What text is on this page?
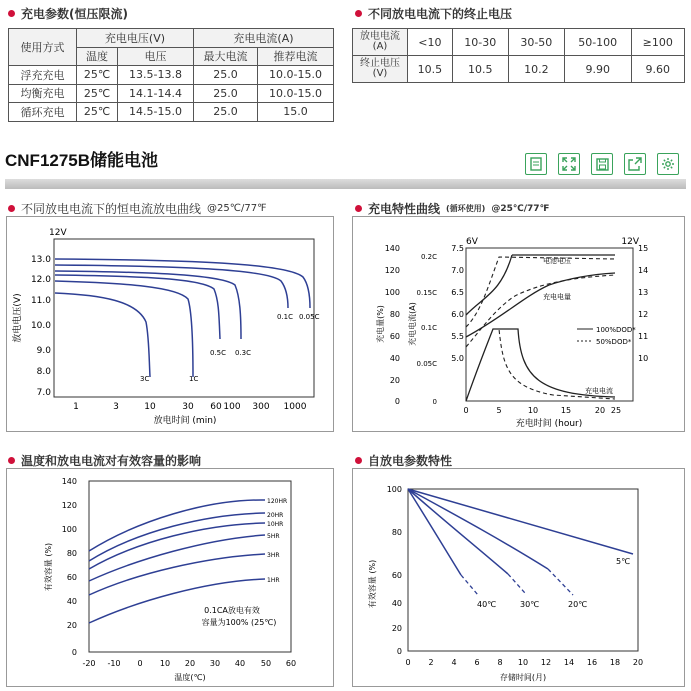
充电参数(恒压限流)
使用方式	充电电压(V)		充电电流(A)	
	温度	电压	最大电流	推荐电流
浮充充电	25℃	13.5-13.8	25.0	10.0-15.0
均衡充电	25℃	14.1-14.4	25.0	10.0-15.0
循环充电	25℃	14.5-15.0	25.0	15.0
不同放电电流下的终止电压
放电电流
(A)	<10	10-30	30-50	50-100	≥100
终止电压
(V)	10.5	10.5	10.2	9.90	9.60
CNF1275B储能电池
不同放电电流下的恒电流放电曲线 @25℃/77℉
12V
放电电压(V)
13.0
12.0
11.0
10.0
9.0
8.0
7.0
1	3	10	30 60 100 300 1000
放电时间 (min)
3C	1C
0.5C 0.3C
0.1C 0.05C
充电特性曲线 (循环使用) @25℃/77℉
6V	12V
充电量(%)	充电电流(A)
140
120
100
80
60
40
20
0
0.2C
0.15C
0.1C
0.05C
0
7.5
7.0
6.5
6.0
5.5
5.0
15
14
13
12
11
10
0	5	10	15	20 25
充电时间 (hour)
电池电压
充电电量
充电电流
100%DOD*
50%DOD*
温度和放电电流对有效容量的影响
有效容量 (%)
140
120
100
80
60
40
20
0
-20 -10 0 10 20 30 40 50 60
温度(℃)
120HR
20HR
10HR
5HR
3HR
1HR
0.1CA放电有效
容量为100% (25℃)
自放电参数特性
有效容量 (%)
100
80
60
40
20
0
0 2 4 6 8 10 12 14 16 18 20
存储时间(月)
5℃
40℃	30℃	20℃
